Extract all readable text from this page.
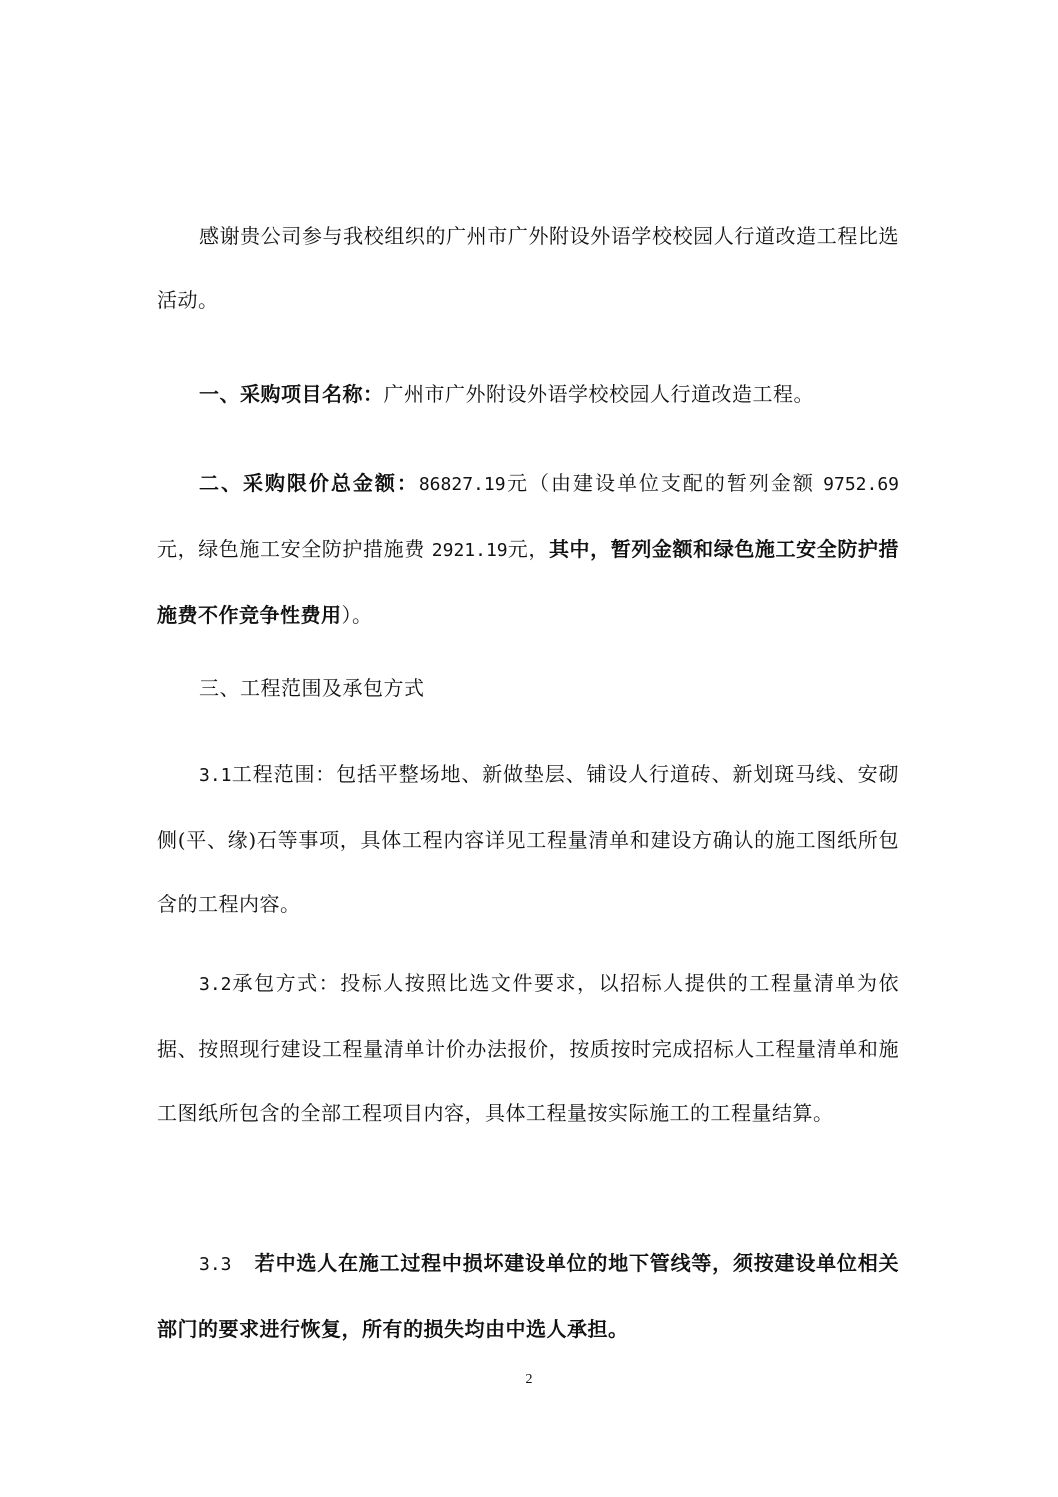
感谢贵公司参与我校组织的广州市广外附设外语学校校园人行道改造工程比选活动。

一、采购项目名称：广州市广外附设外语学校校园人行道改造工程。

二、采购限价总金额：86827.19元（由建设单位支配的暂列金额 9752.69元，绿色施工安全防护措施费 2921.19元，其中，暂列金额和绿色施工安全防护措施费不作竞争性费用）。

三、工程范围及承包方式

3.1工程范围：包括平整场地、新做垫层、铺设人行道砖、新划斑马线、安砌侧(平、缘)石等事项，具体工程内容详见工程量清单和建设方确认的施工图纸所包含的工程内容。

3.2承包方式：投标人按照比选文件要求，以招标人提供的工程量清单为依据、按照现行建设工程量清单计价办法报价，按质按时完成招标人工程量清单和施工图纸所包含的全部工程项目内容，具体工程量按实际施工的工程量结算。

3.3 若中选人在施工过程中损坏建设单位的地下管线等，须按建设单位相关部门的要求进行恢复，所有的损失均由中选人承担。

2
